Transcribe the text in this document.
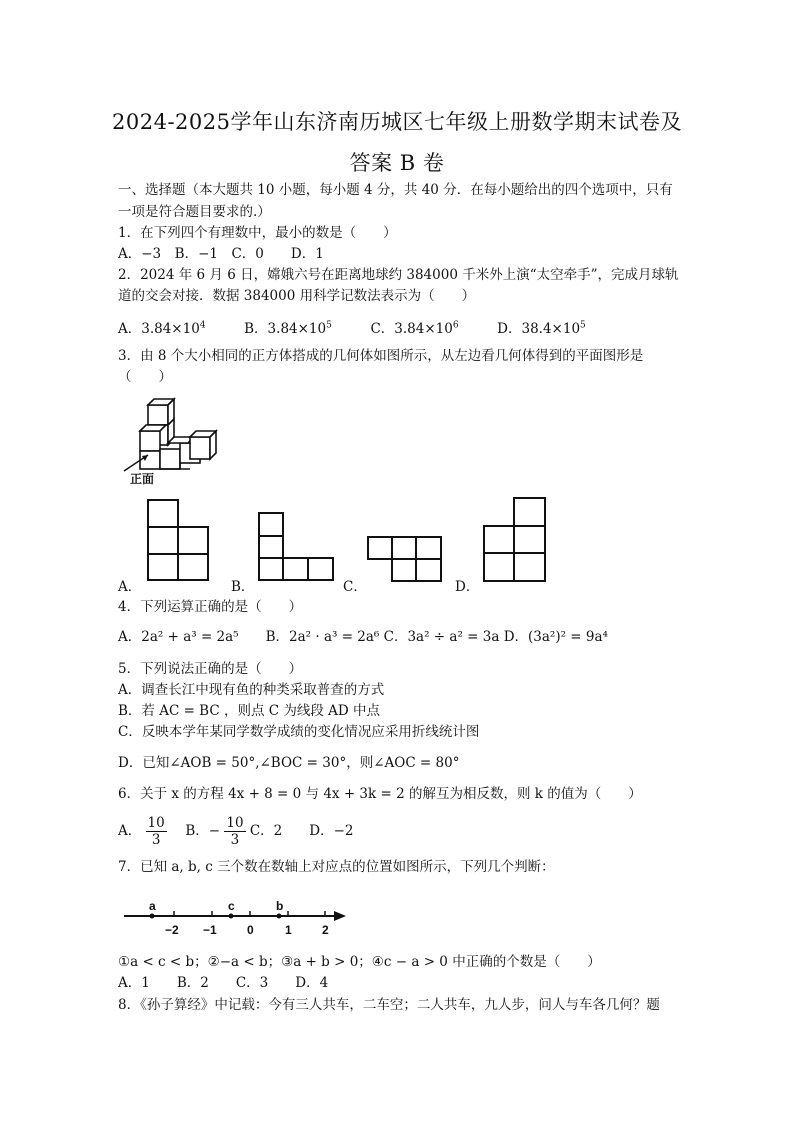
2024-2025学年山东济南历城区七年级上册数学期末试卷及
答案 B 卷
一、选择题（本大题共 10 小题，每小题 4 分，共 40 分．在每小题给出的四个选项中，只有
一项是符合题目要求的.）
1．在下列四个有理数中，最小的数是（　　）
A．−3　B．−1　C．0　　D．1
2．2024 年 6 月 6 日，嫦娥六号在距离地球约 384000 千米外上演“太空牵手”，完成月球轨
道的交会对接．数据 384000 用科学记数法表示为（　　）
A．$3.84\times 10^4$	B．$3.84\times 10^5$	C．$3.84\times 10^6$	D．$38.4\times 10^5$
3．由 8 个大小相同的正方体搭成的几何体如图所示，从左边看几何体得到的平面图形是
（　　）
正面
A．	B．	C．	D．
4．下列运算正确的是（　　）
A．2a² + a³ = 2a⁵　　B．2a² · a³ = 2a⁶ C．3a² ÷ a² = 3a D．(3a²)² = 9a⁴
5．下列说法正确的是（　　）
A．调查长江中现有鱼的种类采取普查的方式
B．若 AC = BC ，则点 C 为线段 AD 中点
C．反映本学年某同学数学成绩的变化情况应采用折线统计图
D．已知∠AOB = 50°,∠BOC = 30°，则∠AOC = 80°
6．关于 x 的方程 4x + 8 = 0 与 4x + 3k = 2 的解互为相反数，则 k 的值为（　　）
A． $\frac{10}{3}$ B．− $\frac{10}{3}$ C．2　　D．−2
7．已知 a, b, c 三个数在数轴上对应点的位置如图所示，下列几个判断：
a	c	b
−2 −1	0	1	2
①a < c < b；②−a < b；③a + b > 0；④c − a > 0 中正确的个数是（　　）
A．1　　B．2　　C．3　　D．4
8．《孙子算经》中记载：今有三人共车，二车空；二人共车，九人步，问人与车各几何？题
